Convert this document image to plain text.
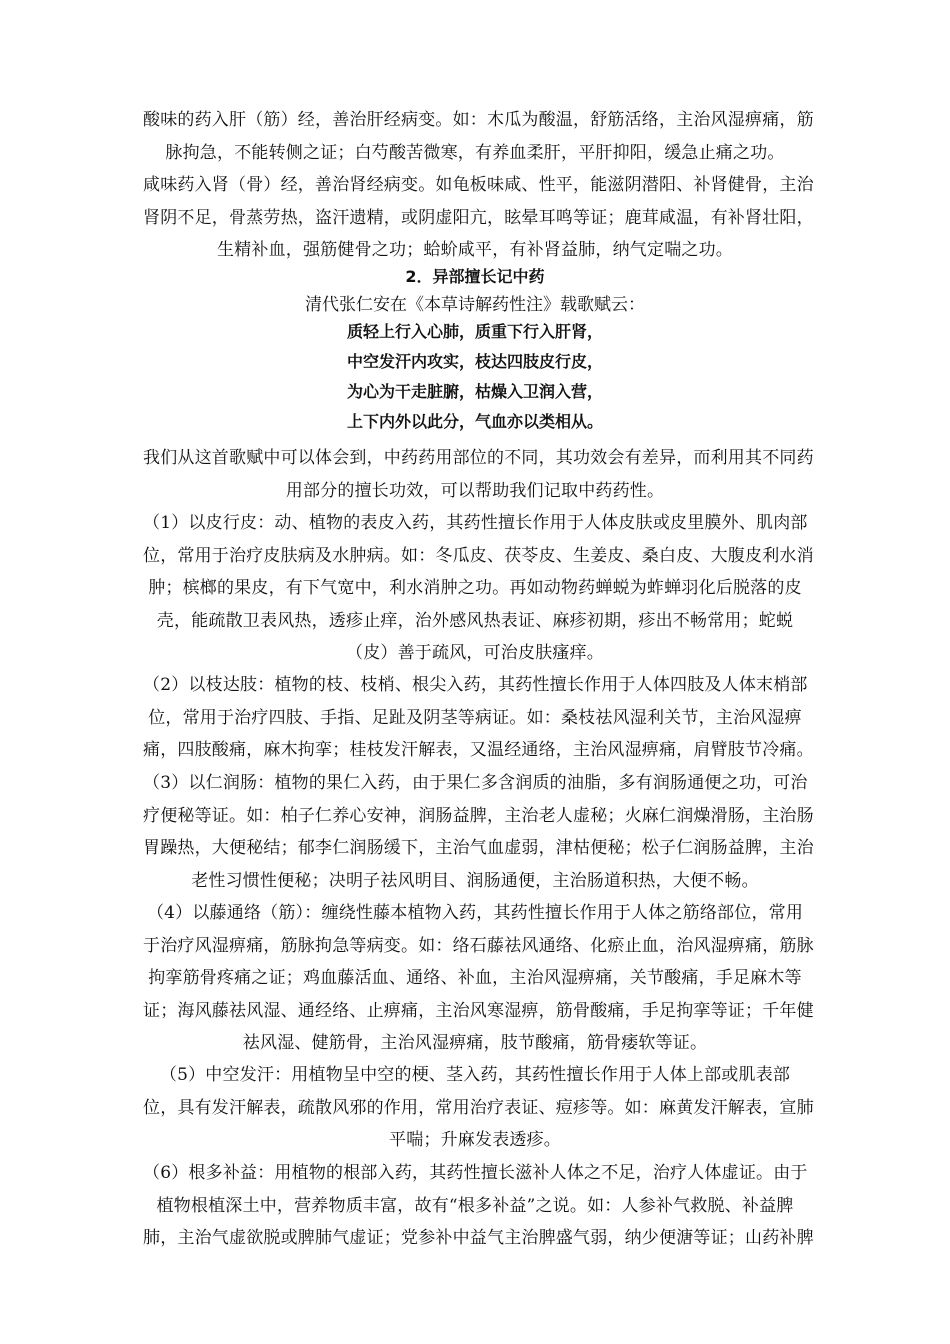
酸味的药入肝（筋）经，善治肝经病变。如：木瓜为酸温，舒筋活络，主治风湿痹痛，筋
脉拘急，不能转侧之证；白芍酸苦微寒，有养血柔肝，平肝抑阳，缓急止痛之功。
咸味药入肾（骨）经，善治肾经病变。如龟板味咸、性平，能滋阴潜阳、补肾健骨，主治
肾阴不足，骨蒸劳热，盗汗遗精，或阴虚阳亢，眩晕耳鸣等证；鹿茸咸温，有补肾壮阳，
生精补血，强筋健骨之功；蛤蚧咸平，有补肾益肺，纳气定喘之功。
2．异部擅长记中药
清代张仁安在《本草诗解药性注》载歌赋云：
质轻上行入心肺，质重下行入肝肾，
中空发汗内攻实，枝达四肢皮行皮，
为心为干走脏腑，枯燥入卫润入营，
上下内外以此分，气血亦以类相从。
我们从这首歌赋中可以体会到，中药药用部位的不同，其功效会有差异，而利用其不同药
用部分的擅长功效，可以帮助我们记取中药药性。
（1）以皮行皮：动、植物的表皮入药，其药性擅长作用于人体皮肤或皮里膜外、肌肉部
位，常用于治疗皮肤病及水肿病。如：冬瓜皮、茯苓皮、生姜皮、桑白皮、大腹皮利水消
肿；槟榔的果皮，有下气宽中，利水消肿之功。再如动物药蝉蜕为蚱蝉羽化后脱落的皮
壳，能疏散卫表风热，透疹止痒，治外感风热表证、麻疹初期，疹出不畅常用；蛇蜕
（皮）善于疏风，可治皮肤瘙痒。
（2）以枝达肢：植物的枝、枝梢、根尖入药，其药性擅长作用于人体四肢及人体末梢部
位，常用于治疗四肢、手指、足趾及阴茎等病证。如：桑枝祛风湿利关节，主治风湿痹
痛，四肢酸痛，麻木拘挛；桂枝发汗解表，又温经通络，主治风湿痹痛，肩臂肢节冷痛。
（3）以仁润肠：植物的果仁入药，由于果仁多含润质的油脂，多有润肠通便之功，可治
疗便秘等证。如：柏子仁养心安神，润肠益脾，主治老人虚秘；火麻仁润燥滑肠，主治肠
胃躁热，大便秘结；郁李仁润肠缓下，主治气血虚弱，津枯便秘；松子仁润肠益脾，主治
老性习惯性便秘；决明子祛风明目、润肠通便，主治肠道积热，大便不畅。
（4）以藤通络（筋）：缠绕性藤本植物入药，其药性擅长作用于人体之筋络部位，常用
于治疗风湿痹痛，筋脉拘急等病变。如：络石藤祛风通络、化瘀止血，治风湿痹痛，筋脉
拘挛筋骨疼痛之证；鸡血藤活血、通络、补血，主治风湿痹痛，关节酸痛，手足麻木等
证；海风藤祛风湿、通经络、止痹痛，主治风寒湿痹，筋骨酸痛，手足拘挛等证；千年健
祛风湿、健筋骨，主治风湿痹痛，肢节酸痛，筋骨痿软等证。
（5）中空发汗：用植物呈中空的梗、茎入药，其药性擅长作用于人体上部或肌表部
位，具有发汗解表，疏散风邪的作用，常用治疗表证、痘疹等。如：麻黄发汗解表，宣肺
平喘；升麻发表透疹。
（6）根多补益：用植物的根部入药，其药性擅长滋补人体之不足，治疗人体虚证。由于
植物根植深土中，营养物质丰富，故有“根多补益”之说。如：人参补气救脱、补益脾
肺，主治气虚欲脱或脾肺气虚证；党参补中益气主治脾盛气弱，纳少便溏等证；山药补脾
